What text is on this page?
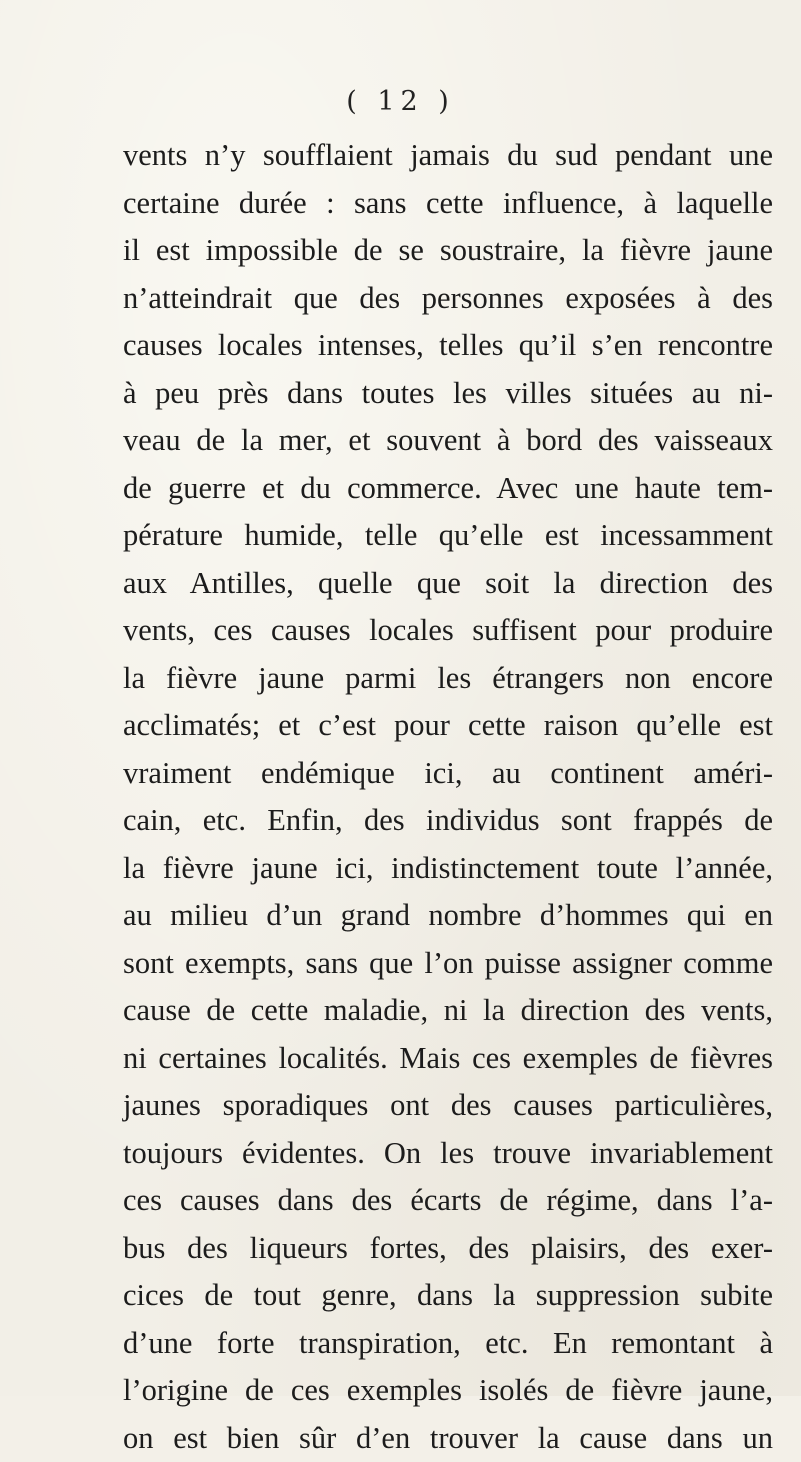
( 12 )
vents n’y soufflaient jamais du sud pendant une
certaine durée : sans cette influence, à laquelle
il est impossible de se soustraire, la fièvre jaune
n’atteindrait que des personnes exposées à des
causes locales intenses, telles qu’il s’en rencontre
à peu près dans toutes les villes situées au ni-
veau de la mer, et souvent à bord des vaisseaux
de guerre et du commerce. Avec une haute tem-
pérature humide, telle qu’elle est incessamment
aux Antilles, quelle que soit la direction des
vents, ces causes locales suffisent pour produire
la fièvre jaune parmi les étrangers non encore
acclimatés; et c’est pour cette raison qu’elle est
vraiment endémique ici, au continent améri-
cain, etc. Enfin, des individus sont frappés de
la fièvre jaune ici, indistinctement toute l’année,
au milieu d’un grand nombre d’hommes qui en
sont exempts, sans que l’on puisse assigner comme
cause de cette maladie, ni la direction des vents,
ni certaines localités. Mais ces exemples de fièvres
jaunes sporadiques ont des causes particulières,
toujours évidentes. On les trouve invariablement
ces causes dans des écarts de régime, dans l’a-
bus des liqueurs fortes, des plaisirs, des exer-
cices de tout genre, dans la suppression subite
d’une forte transpiration, etc. En remontant à
l’origine de ces exemples isolés de fièvre jaune,
on est bien sûr d’en trouver la cause dans un
